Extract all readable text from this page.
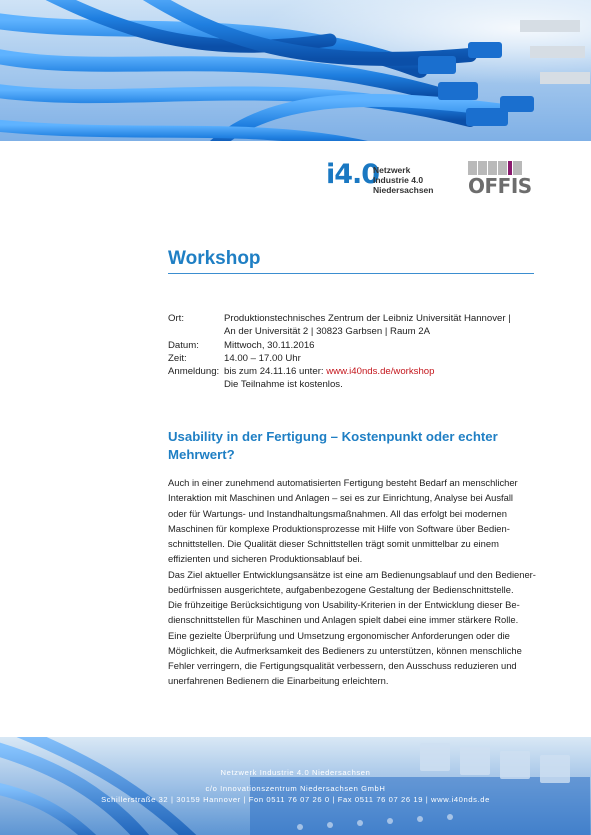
i4.0
Netzwerk
Industrie 4.0
Niedersachsen OFFIS
Workshop
Ort:	Produktionstechnisches Zentrum der Leibniz Universität Hannover |
An der Universität 2 | 30823 Garbsen | Raum 2A
Datum:	Mittwoch, 30.11.2016
Zeit:	14.00 – 17.00 Uhr
Anmeldung: bis zum 24.11.16 unter: www.i40nds.de/workshop
Die Teilnahme ist kostenlos.
Usability in der Fertigung – Kostenpunkt oder echter Mehrwert?

Auch in einer zunehmend automatisierten Fertigung besteht Bedarf an menschlicher

Interaktion mit Maschinen und Anlagen – sei es zur Einrichtung, Analyse bei Ausfall

oder für Wartungs- und Instandhaltungsmaßnahmen. All das erfolgt bei modernen

Maschinen für komplexe Produktionsprozesse mit Hilfe von Software über Bedien-

schnittstellen. Die Qualität dieser Schnittstellen trägt somit unmittelbar zu einem

effizienten und sicheren Produktionsablauf bei.

Das Ziel aktueller Entwicklungsansätze ist eine am Bedienungsablauf und den Bediener-

bedürfnissen ausgerichtete, aufgabenbezogene Gestaltung der Bedienschnittstelle.

Die frühzeitige Berücksichtigung von Usability-Kriterien in der Entwicklung dieser Be-

dienschnittstellen für Maschinen und Anlagen spielt dabei eine immer stärkere Rolle.

Eine gezielte Überprüfung und Umsetzung ergonomischer Anforderungen oder die

Möglichkeit, die Aufmerksamkeit des Bedieners zu unterstützen, können menschliche

Fehler verringern, die Fertigungsqualität verbessern, den Ausschuss reduzieren und

unerfahrenen Bedienern die Einarbeitung erleichtern.

Netzwerk Industrie 4.0 Niedersachsen
c/o Innovationszentrum Niedersachsen GmbH
Schillerstraße 32 | 30159 Hannover | Fon 0511 76 07 26 0 | Fax 0511 76 07 26 19 | www.i40nds.de
